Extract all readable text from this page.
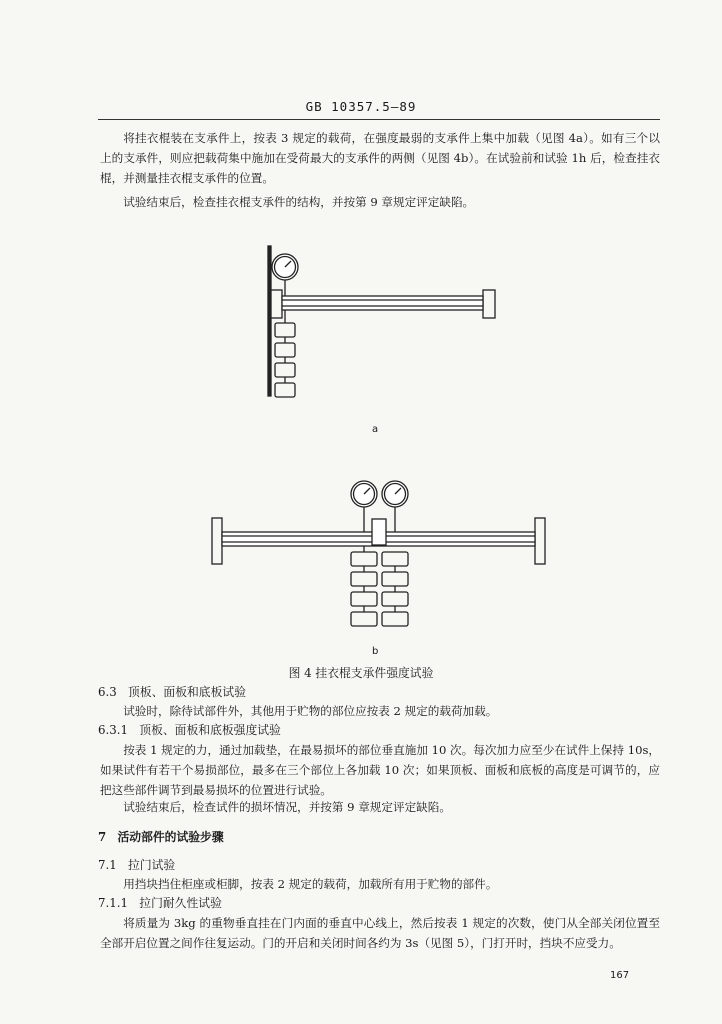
GB 10357.5—89

将挂衣棍装在支承件上，按表 3 规定的载荷，在强度最弱的支承件上集中加载（见图 4a）。如有三个以上的支承件，则应把载荷集中施加在受荷最大的支承件的两侧（见图 4b）。在试验前和试验 1h 后，检查挂衣棍，并测量挂衣棍支承件的位置。

试验结束后，检查挂衣棍支承件的结构，并按第 9 章规定评定缺陷。

a
b
图 4 挂衣棍支承件强度试验
6.3 顶板、面板和底板试验

试验时，除待试部件外，其他用于贮物的部位应按表 2 规定的载荷加载。

6.3.1 顶板、面板和底板强度试验

按表 1 规定的力，通过加载垫，在最易损坏的部位垂直施加 10 次。每次加力应至少在试件上保持 10s，如果试件有若干个易损部位，最多在三个部位上各加载 10 次；如果顶板、面板和底板的高度是可调节的，应把这些部件调节到最易损坏的位置进行试验。

试验结束后，检查试件的损坏情况，并按第 9 章规定评定缺陷。

7 活动部件的试验步骤
7.1 拉门试验

用挡块挡住柜座或柜脚，按表 2 规定的载荷，加载所有用于贮物的部件。

7.1.1 拉门耐久性试验

将质量为 3kg 的重物垂直挂在门内面的垂直中心线上，然后按表 1 规定的次数，使门从全部关闭位置至全部开启位置之间作往复运动。门的开启和关闭时间各约为 3s（见图 5），门打开时，挡块不应受力。

167
